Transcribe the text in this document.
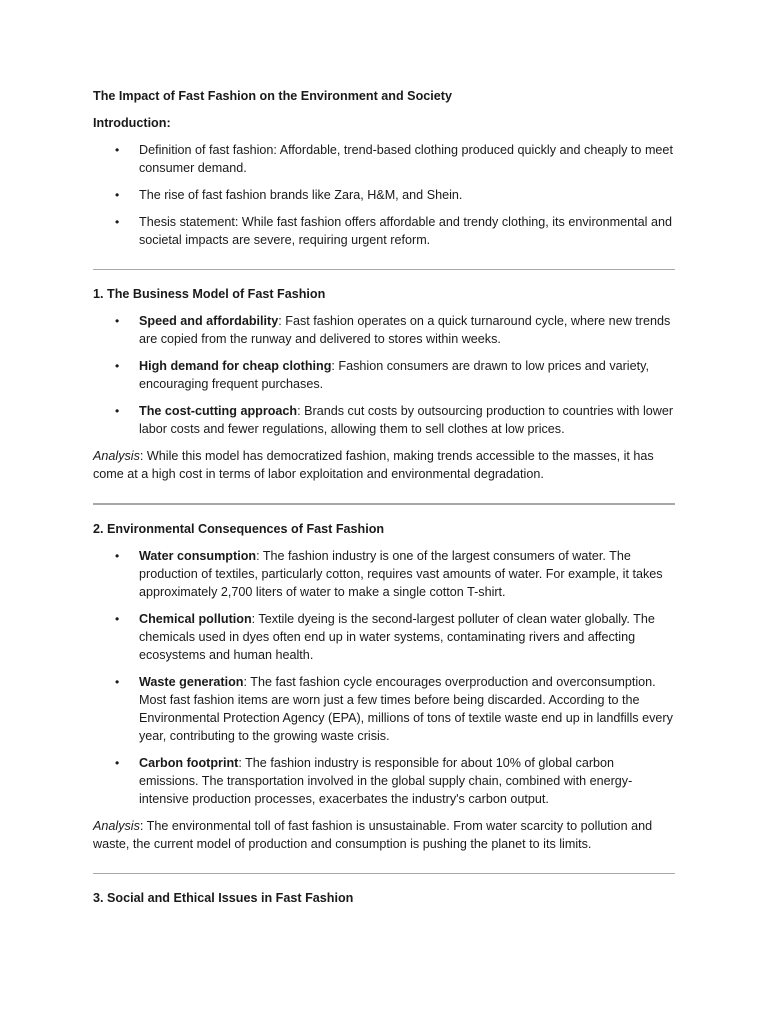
The Impact of Fast Fashion on the Environment and Society

Introduction:

• Definition of fast fashion: Affordable, trend-based clothing produced quickly and cheaply to meet consumer demand.
• The rise of fast fashion brands like Zara, H&M, and Shein.
• Thesis statement: While fast fashion offers affordable and trendy clothing, its environmental and societal impacts are severe, requiring urgent reform.

1. The Business Model of Fast Fashion

• Speed and affordability: Fast fashion operates on a quick turnaround cycle, where new trends are copied from the runway and delivered to stores within weeks.
• High demand for cheap clothing: Fashion consumers are drawn to low prices and variety, encouraging frequent purchases.
• The cost-cutting approach: Brands cut costs by outsourcing production to countries with lower labor costs and fewer regulations, allowing them to sell clothes at low prices.

Analysis: While this model has democratized fashion, making trends accessible to the masses, it has come at a high cost in terms of labor exploitation and environmental degradation.

2. Environmental Consequences of Fast Fashion

• Water consumption: The fashion industry is one of the largest consumers of water. The production of textiles, particularly cotton, requires vast amounts of water. For example, it takes approximately 2,700 liters of water to make a single cotton T-shirt.
• Chemical pollution: Textile dyeing is the second-largest polluter of clean water globally. The chemicals used in dyes often end up in water systems, contaminating rivers and affecting ecosystems and human health.
• Waste generation: The fast fashion cycle encourages overproduction and overconsumption. Most fast fashion items are worn just a few times before being discarded. According to the Environmental Protection Agency (EPA), millions of tons of textile waste end up in landfills every year, contributing to the growing waste crisis.
• Carbon footprint: The fashion industry is responsible for about 10% of global carbon emissions. The transportation involved in the global supply chain, combined with energy-intensive production processes, exacerbates the industry's carbon output.

Analysis: The environmental toll of fast fashion is unsustainable. From water scarcity to pollution and waste, the current model of production and consumption is pushing the planet to its limits.

3. Social and Ethical Issues in Fast Fashion
